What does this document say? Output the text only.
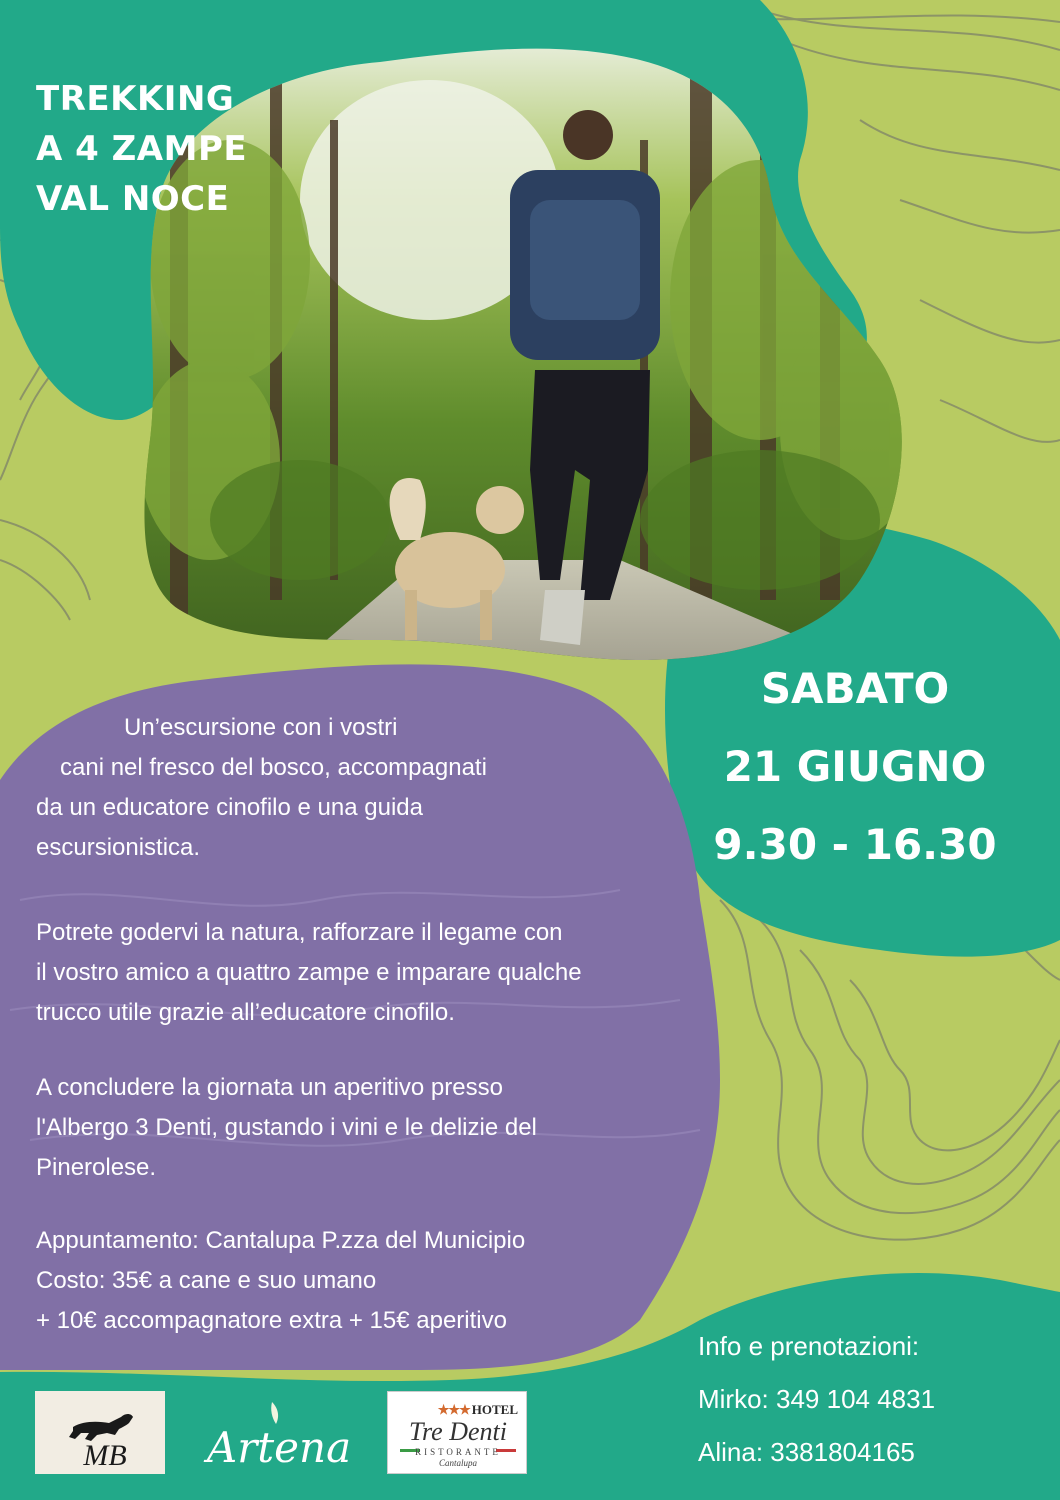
TREKKING
A 4 ZAMPE
VAL NOCE
SABATO
21 GIUGNO
9.30 - 16.30
Un’escursione con i vostri
cani nel fresco del bosco, accompagnati
da un educatore cinofilo e una guida
escursionistica.
Potrete godervi la natura, rafforzare il legame con
il vostro amico a quattro zampe e imparare qualche
trucco utile grazie all’educatore cinofilo.
A concludere la giornata un aperitivo presso
l'Albergo 3 Denti, gustando i vini e le delizie del
Pinerolese.
Appuntamento: Cantalupa P.zza del Municipio
Costo: 35€ a cane e suo umano
+ 10€ accompagnatore extra + 15€ aperitivo
Info e prenotazioni:
Mirko: 349 104 4831
Alina: 3381804165
MB Artena
★★★ HOTEL
Tre Denti
RISTORANTE
Cantalupa
